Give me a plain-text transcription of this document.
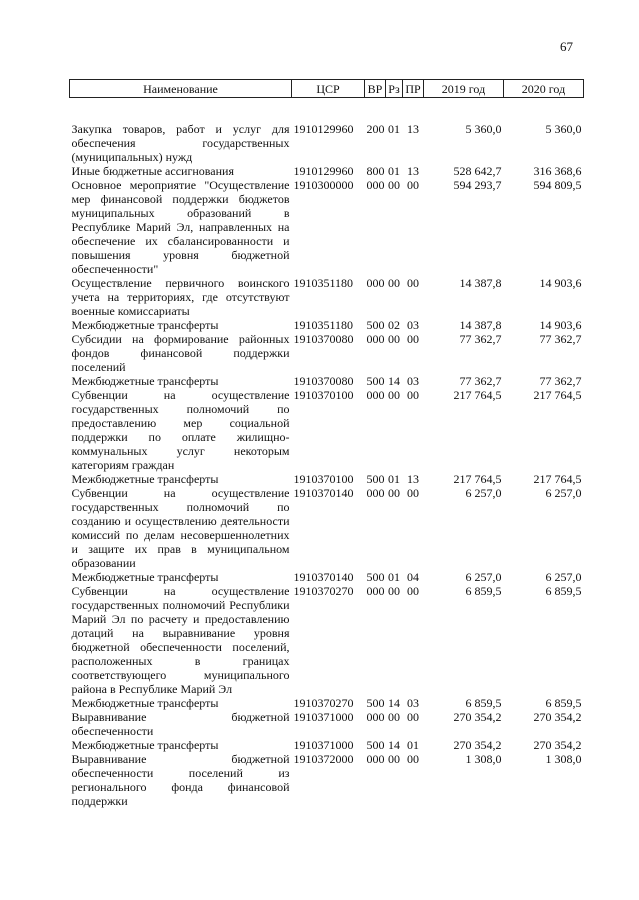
67
Наименование	ЦСР	ВР	Рз	ПР	2019 год	2020 год
Закупка товаров, работ и услуг для обеспечения государственных (муниципальных) нужд	1910129960	200	01	13	5 360,0	5 360,0
Иные бюджетные ассигнования	1910129960	800	01	13	528 642,7	316 368,6
Основное мероприятие "Осуществление мер финансовой поддержки бюджетов муниципальных образований в Республике Марий Эл, направленных на обеспечение их сбалансированности и повышения уровня бюджетной обеспеченности"	1910300000	000	00	00	594 293,7	594 809,5
Осуществление первичного воинского учета на территориях, где отсутствуют военные комиссариаты	1910351180	000	00	00	14 387,8	14 903,6
Межбюджетные трансферты	1910351180	500	02	03	14 387,8	14 903,6
Субсидии на формирование районных фондов финансовой поддержки поселений	1910370080	000	00	00	77 362,7	77 362,7
Межбюджетные трансферты	1910370080	500	14	03	77 362,7	77 362,7
Субвенции на осуществление государственных полномочий по предоставлению мер социальной поддержки по оплате жилищно-коммунальных услуг некоторым категориям граждан	1910370100	000	00	00	217 764,5	217 764,5
Межбюджетные трансферты	1910370100	500	01	13	217 764,5	217 764,5
Субвенции на осуществление государственных полномочий по созданию и осуществлению деятельности комиссий по делам несовершеннолетних и защите их прав в муниципальном образовании	1910370140	000	00	00	6 257,0	6 257,0
Межбюджетные трансферты	1910370140	500	01	04	6 257,0	6 257,0
Субвенции на осуществление государственных полномочий Республики Марий Эл по расчету и предоставлению дотаций на выравнивание уровня бюджетной обеспеченности поселений, расположенных в границах соответствующего муниципального района в Республике Марий Эл	1910370270	000	00	00	6 859,5	6 859,5
Межбюджетные трансферты	1910370270	500	14	03	6 859,5	6 859,5
Выравнивание бюджетной обеспеченности	1910371000	000	00	00	270 354,2	270 354,2
Межбюджетные трансферты	1910371000	500	14	01	270 354,2	270 354,2
Выравнивание бюджетной обеспеченности поселений из регионального фонда финансовой поддержки	1910372000	000	00	00	1 308,0	1 308,0
